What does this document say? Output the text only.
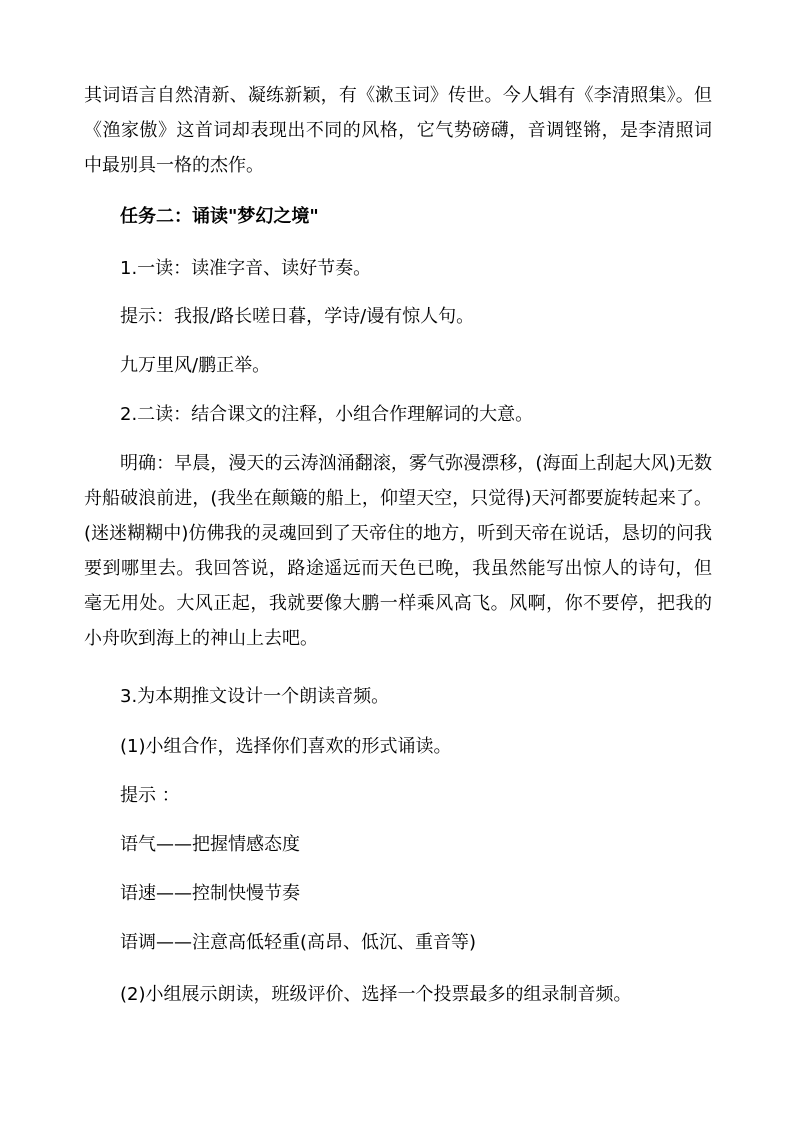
其词语言自然清新、凝练新颖，有《漱玉词》传世。今人辑有《李清照集》。但《渔家傲》这首词却表现出不同的风格，它气势磅礴，音调铿锵，是李清照词中最别具一格的杰作。

任务二：诵读"梦幻之境"

1.一读：读准字音、读好节奏。

提示：我报/路长嗟日暮，学诗/谩有惊人句。

九万里风/鹏正举。

2.二读：结合课文的注释，小组合作理解词的大意。

明确：早晨，漫天的云涛汹涌翻滚，雾气弥漫漂移，(海面上刮起大风)无数舟船破浪前进，(我坐在颠簸的船上，仰望天空，只觉得)天河都要旋转起来了。(迷迷糊糊中)仿佛我的灵魂回到了天帝住的地方，听到天帝在说话，恳切的问我要到哪里去。我回答说，路途遥远而天色已晚，我虽然能写出惊人的诗句，但毫无用处。大风正起，我就要像大鹏一样乘风高飞。风啊，你不要停，把我的小舟吹到海上的神山上去吧。

3.为本期推文设计一个朗读音频。

(1)小组合作，选择你们喜欢的形式诵读。

提示 ：

语气——把握情感态度

语速——控制快慢节奏

语调——注意高低轻重(高昂、低沉、重音等)

(2)小组展示朗读，班级评价、选择一个投票最多的组录制音频。
